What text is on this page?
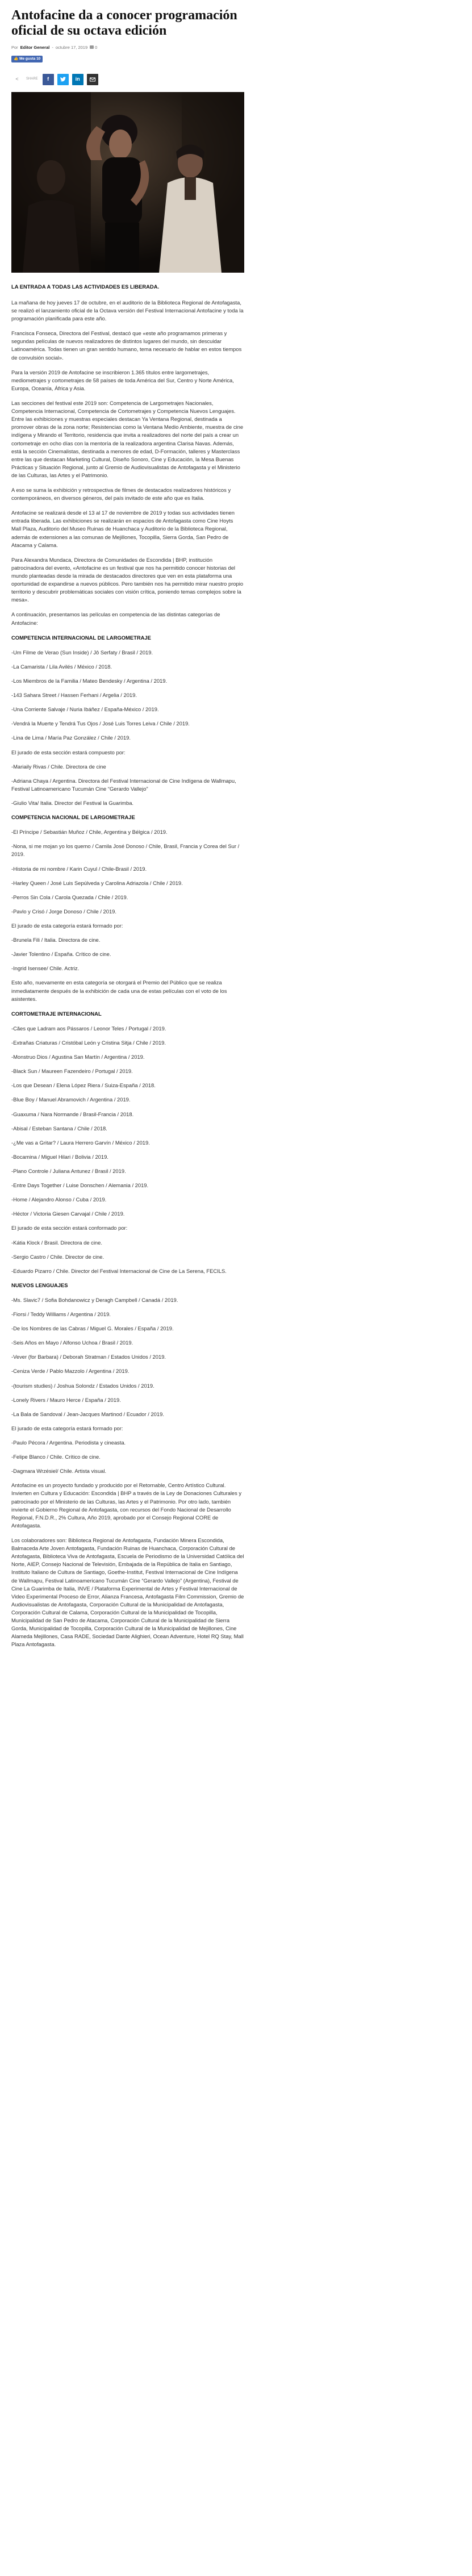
Antofacine da a conocer programación oficial de su octava edición
Por Editor General - octubre 17, 2019 0
👍 Me gusta 10
<	SHARE f	in

LA ENTRADA A TODAS LAS ACTIVIDADES ES LIBERADA.

La mañana de hoy jueves 17 de octubre, en el auditorio de la Biblioteca Regional de Antofagasta, se realizó el lanzamiento oficial de la Octava versión del Festival Internacional Antofacine y toda la programación planificada para este año.

Francisca Fonseca, Directora del Festival, destacó que «este año programamos primeras y segundas películas de nuevos realizadores de distintos lugares del mundo, sin descuidar Latinoamérica. Todas tienen un gran sentido humano, tema necesario de hablar en estos tiempos de convulsión social».

Para la versión 2019 de Antofacine se inscribieron 1.365 títulos entre largometrajes, mediometrajes y cortometrajes de 58 países de toda América del Sur, Centro y Norte América, Europa, Oceanía, África y Asia.

Las secciones del festival este 2019 son: Competencia de Largometrajes Nacionales, Competencia Internacional, Competencia de Cortometrajes y Competencia Nuevos Lenguajes. Entre las exhibiciones y muestras especiales destacan Ya Ventana Regional, destinada a promover obras de la zona norte; Resistencias como la Ventana Medio Ambiente, muestra de cine indígena y Mirando el Territorio, residencia que invita a realizadores del norte del país a crear un cortometraje en ocho días con la mentoría de la realizadora argentina Clarisa Navas. Además, está la sección Cinemalistas, destinada a menores de edad, D-Formación, talleres y Masterclass entre las que destacan Marketing Cultural, Diseño Sonoro, Cine y Educación, la Mesa Buenas Prácticas y Situación Regional, junto al Gremio de Audiovisualistas de Antofagasta y el Ministerio de las Culturas, las Artes y el Patrimonio.

A eso se suma la exhibición y retrospectiva de filmes de destacados realizadores históricos y contemporáneos, en diversos géneros, del país invitado de este año que es Italia.

Antofacine se realizará desde el 13 al 17 de noviembre de 2019 y todas sus actividades tienen entrada liberada. Las exhibiciones se realizarán en espacios de Antofagasta como Cine Hoyts Mall Plaza, Auditorio del Museo Ruinas de Huanchaca y Auditorio de la Biblioteca Regional, además de extensiones a las comunas de Mejillones, Tocopilla, Sierra Gorda, San Pedro de Atacama y Calama.

Para Alexandra Mundaca, Directora de Comunidades de Escondida | BHP, institución patrocinadora del evento, «Antofacine es un festival que nos ha permitido conocer historias del mundo planteadas desde la mirada de destacados directores que ven en esta plataforma una oportunidad de expandirse a nuevos públicos. Pero también nos ha permitido mirar nuestro propio territorio y descubrir problemáticas sociales con visión crítica, poniendo temas complejos sobre la mesa».

A continuación, presentamos las películas en competencia de las distintas categorías de Antofacine:

COMPETENCIA INTERNACIONAL DE LARGOMETRAJE

-Um Filme de Verao (Sun Inside) / Jô Serfaty / Brasil / 2019.

-La Camarista / Lila Avilés / México / 2018.

-Los Miembros de la Familia / Mateo Bendesky / Argentina / 2019.

-143 Sahara Street / Hassen Ferhani / Argelia / 2019.

-Una Corriente Salvaje / Nuria Ibáñez / España-México / 2019.

-Vendrá la Muerte y Tendrá Tus Ojos / José Luis Torres Leiva / Chile / 2019.

-Lina de Lima / María Paz González / Chile / 2019.

El jurado de esta sección estará compuesto por:

-Mariaily Rivas / Chile. Directora de cine

-Adriana Chaya / Argentina. Directora del Festival Internacional de Cine Indígena de Wallmapu, Festival Latinoamericano Tucumán Cine “Gerardo Vallejo”

-Giulio Vita/ Italia. Director del Festival la Guarimba.

COMPETENCIA NACIONAL DE LARGOMETRAJE

-El Príncipe / Sebastián Muñoz / Chile, Argentina y Bélgica / 2019.

-Nona, si me mojan yo los quemo / Camila José Donoso / Chile, Brasil, Francia y Corea del Sur / 2019.

-Historia de mi nombre / Karin Cuyul / Chile-Brasil / 2019.

-Harley Queen / José Luis Sepúlveda y Carolina Adriazola / Chile / 2019.

-Perros Sin Cola / Carola Quezada / Chile / 2019.

-Pavlo y Crisó / Jorge Donoso / Chile / 2019.

El jurado de esta categoría estará formado por:

-Brunela Fili / Italia. Directora de cine.

-Javier Tolentino / España. Crítico de cine.

-Ingrid Isensee/ Chile. Actriz.

Esto año, nuevamente en esta categoría se otorgará el Premio del Público que se realiza inmediatamente después de la exhibición de cada una de estas películas con el voto de los asistentes.

CORTOMETRAJE INTERNACIONAL

-Cães que Ladram aos Pássaros / Leonor Teles / Portugal / 2019.

-Extrañas Criaturas / Cristóbal León y Cristina Sitja / Chile / 2019.

-Monstruo Dios / Agustina San Martín / Argentina / 2019.

-Black Sun / Maureen Fazendeiro / Portugal / 2019.

-Los que Desean / Elena López Riera / Suiza-España / 2018.

-Blue Boy / Manuel Abramovich / Argentina / 2019.

-Guaxuma / Nara Normande / Brasil-Francia / 2018.

-Abisal / Esteban Santana / Chile / 2018.

-¿Me vas a Gritar? / Laura Herrero Garvín / México / 2019.

-Bocamina / Miguel Hilari / Bolivia / 2019.

-Plano Controle / Juliana Antunez / Brasil / 2019.

-Entre Days Together / Luise Donschen / Alemania / 2019.

-Home / Alejandro Alonso / Cuba / 2019.

-Héctor / Victoria Giesen Carvajal / Chile / 2019.

El jurado de esta sección estará conformado por:

-Kátia Klock / Brasil. Directora de cine.

-Sergio Castro / Chile. Director de cine.

-Eduardo Pizarro / Chile. Director del Festival Internacional de Cine de La Serena, FECILS.

NUEVOS LENGUAJES

-Ms. Slavic7 / Sofia Bohdanowicz y Deragh Campbell / Canadá / 2019.

-Fiorsi / Teddy Williams / Argentina / 2019.

-De los Nombres de las Cabras / Miguel G. Morales / España / 2019.

-Seis Años en Mayo / Alfonso Uchoa / Brasil / 2019.

-Vever (for Barbara) / Deborah Stratman / Estados Unidos / 2019.

-Ceniza Verde / Pablo Mazzolo / Argentina / 2019.

-(tourism studies) / Joshua Solondz / Estados Unidos / 2019.

-Lonely Rivers / Mauro Herce / España / 2019.

-La Bala de Sandoval / Jean-Jacques Martinod / Ecuador / 2019.

El jurado de esta categoría estará formado por:

-Paulo Pécora / Argentina. Periodista y cineasta.

-Felipe Blanco / Chile. Crítico de cine.

-Dagmara Wrzésiel/ Chile. Artista visual.

Antofacine es un proyecto fundado y producido por el Retornable, Centro Artístico Cultural. Invierten en Cultura y Educación: Escondida | BHP a través de la Ley de Donaciones Culturales y patrocinado por el Ministerio de las Culturas, las Artes y el Patrimonio. Por otro lado, también invierte el Gobierno Regional de Antofagasta, con recursos del Fondo Nacional de Desarrollo Regional, F.N.D.R., 2% Cultura, Año 2019, aprobado por el Consejo Regional CORE de Antofagasta.

Los colaboradores son: Biblioteca Regional de Antofagasta, Fundación Minera Escondida, Balmaceda Arte Joven Antofagasta, Fundación Ruinas de Huanchaca, Corporación Cultural de Antofagasta, Biblioteca Viva de Antofagasta, Escuela de Periodismo de la Universidad Católica del Norte, AIEP, Consejo Nacional de Televisión, Embajada de la República de Italia en Santiago, Instituto Italiano de Cultura de Santiago, Goethe-Institut, Festival Internacional de Cine Indígena de Wallmapu, Festival Latinoamericano Tucumán Cine “Gerardo Vallejo” (Argentina), Festival de Cine La Guarimba de Italia, INVE / Plataforma Experimental de Artes y Festival Internacional de Video Experimental Proceso de Error, Alianza Francesa, Antofagasta Film Commission, Gremio de Audiovisualistas de Antofagasta, Corporación Cultural de la Municipalidad de Antofagasta, Corporación Cultural de Calama, Corporación Cultural de la Municipalidad de Tocopilla, Municipalidad de San Pedro de Atacama, Corporación Cultural de la Municipalidad de Sierra Gorda, Municipalidad de Tocopilla, Corporación Cultural de la Municipalidad de Mejillones, Cine Alameda Mejillones, Casa RADE, Sociedad Dante Alighieri, Ocean Adventure, Hotel RQ Stay, Mall Plaza Antofagasta.
